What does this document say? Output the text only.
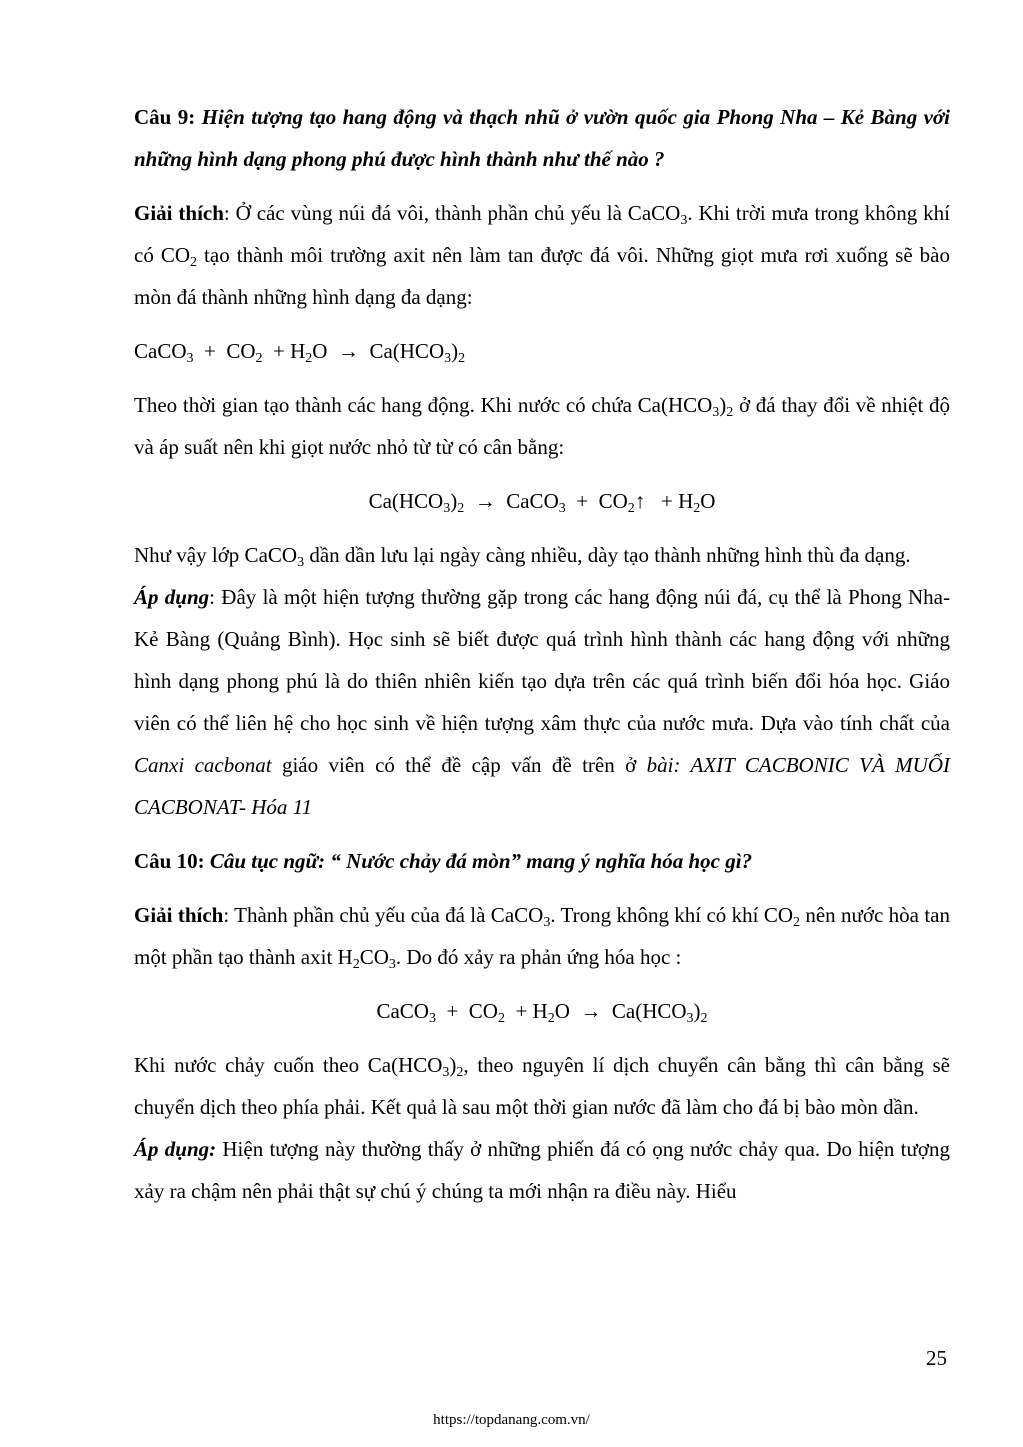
Câu 9: Hiện tượng tạo hang động và thạch nhũ ở vườn quốc gia Phong Nha – Kẻ Bàng với những hình dạng phong phú được hình thành như thế nào ?

Giải thích: Ở các vùng núi đá vôi, thành phần chủ yếu là CaCO$_3$. Khi trời mưa trong không khí có $CO_2$ tạo thành môi trường axit nên làm tan được đá vôi. Những giọt mưa rơi xuống sẽ bào mòn đá thành những hình dạng đa dạng:

CaCO$_3$  +  $CO_2 + H_2O \to Ca(HCO_3)_2$

Theo thời gian tạo thành các hang động. Khi nước có chứa $Ca(HCO_3)_2$ ở đá thay đổi về nhiệt độ và áp suất nên khi giọt nước nhỏ từ từ có cân bằng:

$Ca(HCO_3)_2$  →  CaCO$_3$  +  $CO_2↑ + H_2O$

Như vậy lớp CaCO$_3$ dần dần lưu lại ngày càng nhiều, dày tạo thành những hình thù đa dạng.

Áp dụng: Đây là một hiện tượng thường gặp trong các hang động núi đá, cụ thể là Phong Nha- Kẻ Bàng (Quảng Bình). Học sinh sẽ biết được quá trình hình thành các hang động với những hình dạng phong phú là do thiên nhiên kiến tạo dựa trên các quá trình biến đổi hóa học. Giáo viên có thể liên hệ cho học sinh về hiện tượng xâm thực của nước mưa. Dựa vào tính chất của Canxi cacbonat giáo viên có thể đề cập vấn đề trên ở bài: AXIT CACBONIC VÀ MUỐI CACBONAT- Hóa 11

Câu 10: Câu tục ngữ: “ Nước chảy đá mòn” mang ý nghĩa hóa học gì?

Giải thích: Thành phần chủ yếu của đá là CaCO$_3$. Trong không khí có khí $CO_2$ nên nước hòa tan một phần tạo thành axit $H_2CO_3$. Do đó xảy ra phản ứng hóa học :

CaCO$_3$  +  $CO_2 + H_2O \to Ca(HCO_3)_2$

Khi nước chảy cuốn theo $Ca(HCO_3)_2$, theo nguyên lí dịch chuyển cân bằng thì cân bằng sẽ chuyển dịch theo phía phải. Kết quả là sau một thời gian nước đã làm cho đá bị bào mòn dần.

Áp dụng: Hiện tượng này thường thấy ở những phiến đá có ọng nước chảy qua. Do hiện tượng xảy ra chậm nên phải thật sự chú ý chúng ta mới nhận ra điều này. Hiểu

25
https://topdanang.com.vn/
